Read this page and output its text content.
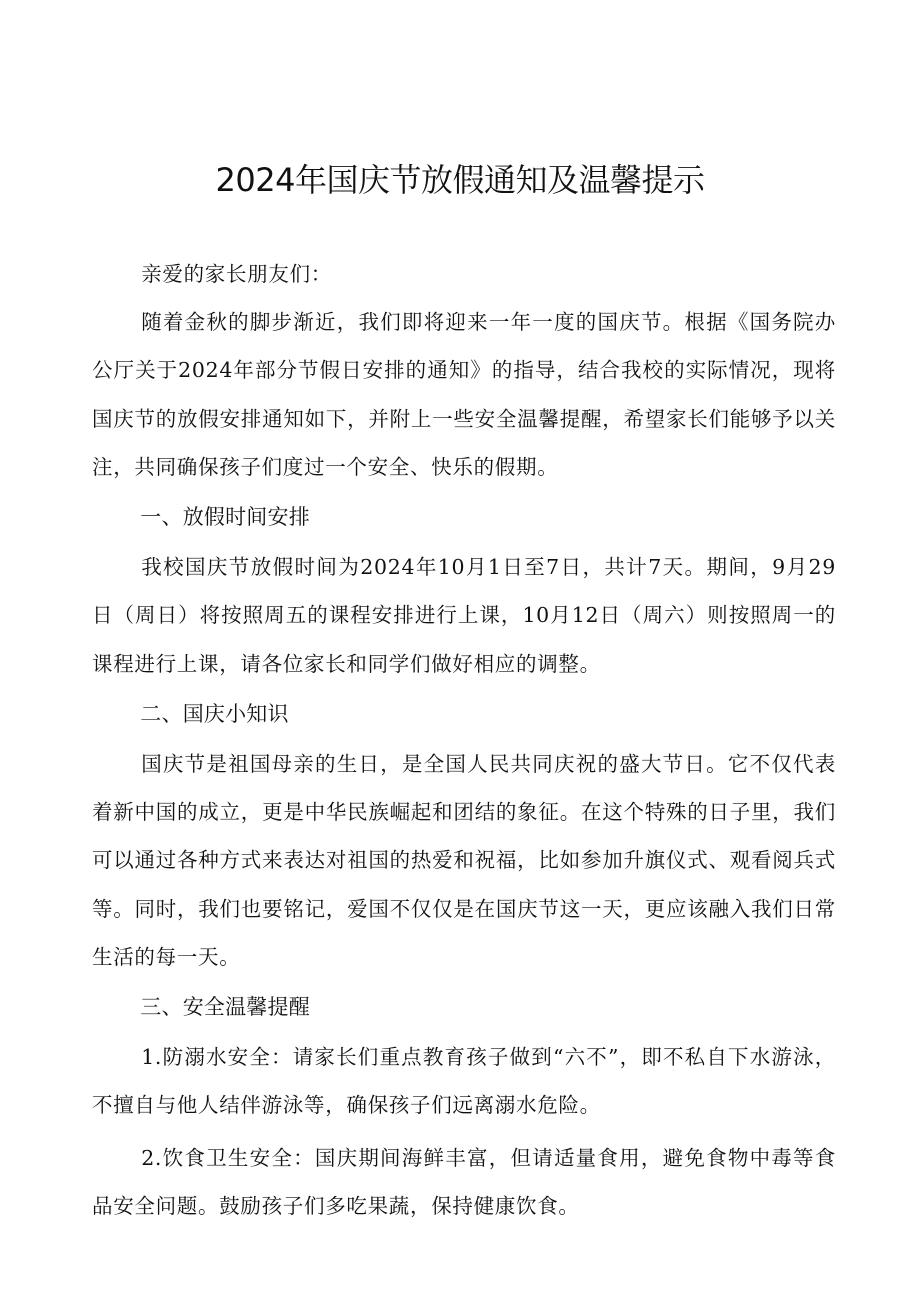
2024年国庆节放假通知及温馨提示

亲爱的家长朋友们：

随着金秋的脚步渐近，我们即将迎来一年一度的国庆节。根据《国务院办公厅关于2024年部分节假日安排的通知》的指导，结合我校的实际情况，现将国庆节的放假安排通知如下，并附上一些安全温馨提醒，希望家长们能够予以关注，共同确保孩子们度过一个安全、快乐的假期。

一、放假时间安排

我校国庆节放假时间为2024年10月1日至7日，共计7天。期间，9月29日（周日）将按照周五的课程安排进行上课，10月12日（周六）则按照周一的课程进行上课，请各位家长和同学们做好相应的调整。

二、国庆小知识

国庆节是祖国母亲的生日，是全国人民共同庆祝的盛大节日。它不仅代表着新中国的成立，更是中华民族崛起和团结的象征。在这个特殊的日子里，我们可以通过各种方式来表达对祖国的热爱和祝福，比如参加升旗仪式、观看阅兵式等。同时，我们也要铭记，爱国不仅仅是在国庆节这一天，更应该融入我们日常生活的每一天。

三、安全温馨提醒

1.防溺水安全：请家长们重点教育孩子做到“六不”，即不私自下水游泳，不擅自与他人结伴游泳等，确保孩子们远离溺水危险。

2.饮食卫生安全：国庆期间海鲜丰富，但请适量食用，避免食物中毒等食品安全问题。鼓励孩子们多吃果蔬，保持健康饮食。
